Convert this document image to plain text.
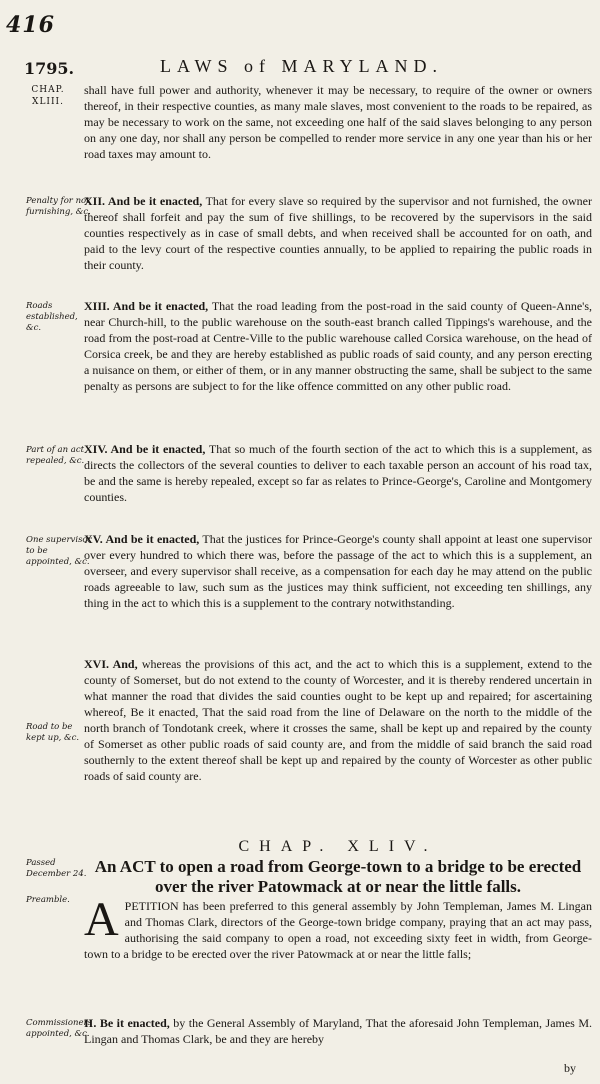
416
1795.	LAWS of MARYLAND.
CHAP. XLIII.
shall have full power and authority, whenever it may be necessary, to require of the owner or owners thereof, in their respective counties, as many male slaves, most convenient to the roads to be repaired, as may be necessary to work on the same, not exceeding one half of the said slaves belonging to any person on any one day, nor shall any person be compelled to render more service in any one year than his or her road taxes may amount to.
Penalty for not furnishing, &c.
XII. And be it enacted, That for every slave so required by the supervisor and not furnished, the owner thereof shall forfeit and pay the sum of five shillings, to be recovered by the supervisors in the said counties respectively as in case of small debts, and when received shall be accounted for on oath, and paid to the levy court of the respective counties annually, to be applied to repairing the public roads in their county.
Roads established, &c.
XIII. And be it enacted, That the road leading from the post-road in the said county of Queen-Anne's, near Church-hill, to the public warehouse on the south-east branch called Tippings's warehouse, and the road from the post-road at Centre-Ville to the public warehouse called Corsica warehouse, on the head of Corsica creek, be and they are hereby established as public roads of said county, and any person erecting a nuisance on them, or either of them, or in any manner obstructing the same, shall be subject to the same penalty as persons are subject to for the like offence committed on any other public road.
Part of an act repealed, &c.
XIV. And be it enacted, That so much of the fourth section of the act to which this is a supplement, as directs the collectors of the several counties to deliver to each taxable person an account of his road tax, be and the same is hereby repealed, except so far as relates to Prince-George's, Caroline and Montgomery counties.
One supervisor to be appointed, &c.
XV. And be it enacted, That the justices for Prince-George's county shall appoint at least one supervisor over every hundred to which there was, before the passage of the act to which this is a supplement, an overseer, and every supervisor shall receive, as a compensation for each day he may attend on the public roads agreeable to law, such sum as the justices may think sufficient, not exceeding ten shillings, any thing in the act to which this is a supplement to the contrary notwithstanding.
Road to be kept up, &c.
XVI. And, whereas the provisions of this act, and the act to which this is a supplement, extend to the county of Somerset, but do not extend to the county of Worcester, and it is thereby rendered uncertain in what manner the road that divides the said counties ought to be kept up and repaired; for ascertaining whereof, Be it enacted, That the said road from the line of Delaware on the north to the middle of the north branch of Tondotank creek, where it crosses the same, shall be kept up and repaired by the county of Somerset as other public roads of said county are, and from the middle of said branch the said road southernly to the extent thereof shall be kept up and repaired by the county of Worcester as other public roads of said county are.
CHAP. XLIV.
Passed December 24. An ACT to open a road from George-town to a bridge to be erected over the river Patowmack at or near the little falls.
Preamble. A PETITION has been preferred to this general assembly by John Templeman, James M. Lingan and Thomas Clark, directors of the George-town bridge company, praying that an act may pass, authorising the said company to open a road, not exceeding sixty feet in width, from George-town to a bridge to be erected over the river Patowmack at or near the little falls;
Commissioners appointed, &c.
II. Be it enacted, by the General Assembly of Maryland, That the aforesaid John Templeman, James M. Lingan and Thomas Clark, be and they are hereby
by
